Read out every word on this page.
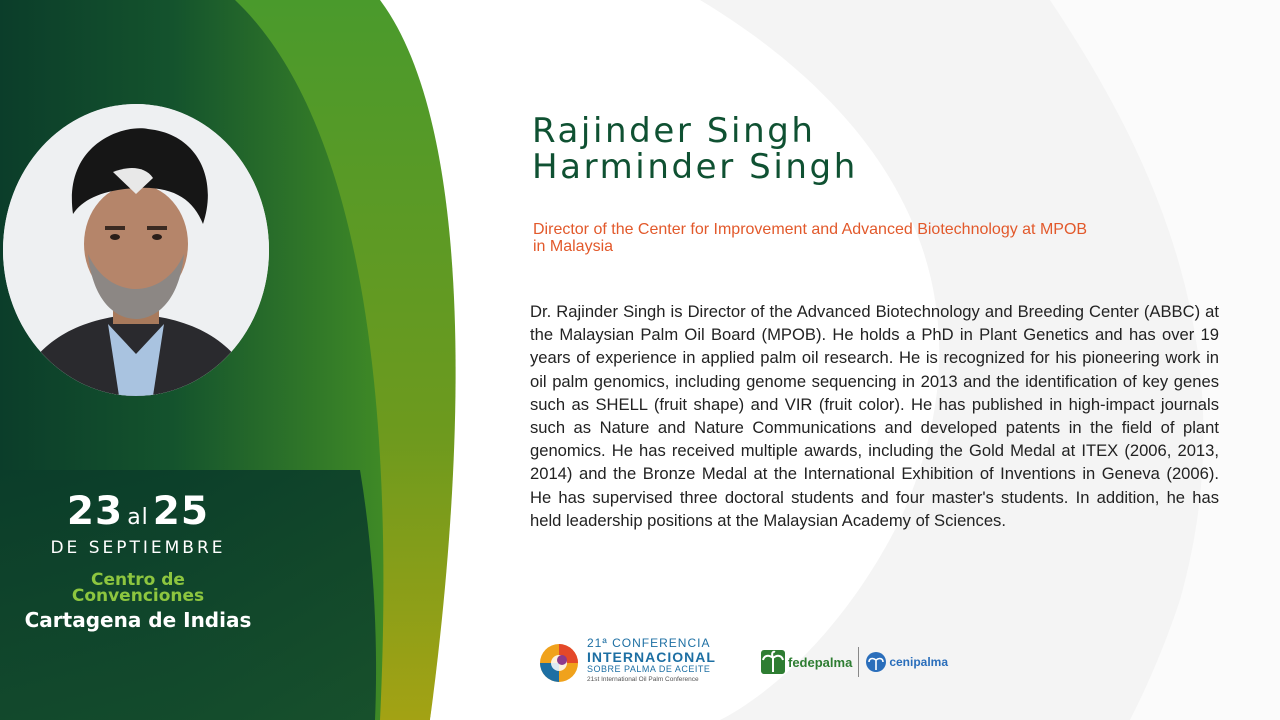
23 al 25
DE SEPTIEMBRE
Centro de
Convenciones
Cartagena de Indias
Rajinder Singh
Harminder Singh
Director of the Center for Improvement and Advanced Biotechnology at MPOB
in Malaysia
Dr. Rajinder Singh is Director of the Advanced Biotechnology and Breeding Center (ABBC) at the Malaysian Palm Oil Board (MPOB). He holds a PhD in Plant Genetics and has over 19 years of experience in applied palm oil research. He is recognized for his pioneering work in oil palm genomics, including genome sequencing in 2013 and the identification of key genes such as SHELL (fruit shape) and VIR (fruit color). He has published in high-impact journals such as Nature and Nature Communications and developed patents in the field of plant genomics. He has received multiple awards, including the Gold Medal at ITEX (2006, 2013, 2014) and the Bronze Medal at the International Exhibition of Inventions in Geneva (2006). He has supervised three doctoral students and four master's students. In addition, he has held leadership positions at the Malaysian Academy of Sciences.
21ª CONFERENCIA
INTERNACIONAL
SOBRE PALMA DE ACEITE
21st International Oil Palm Conference
fedepalma	cenipalma
